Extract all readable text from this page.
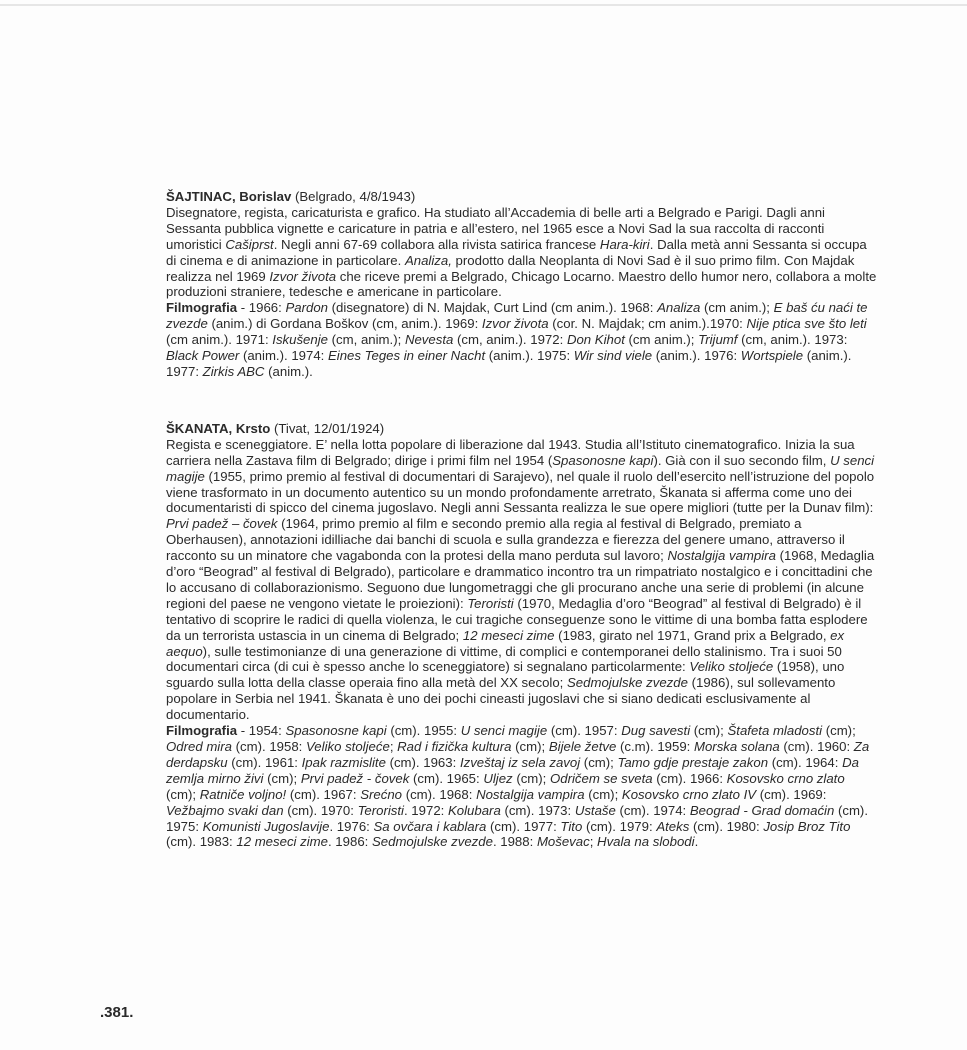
ŠAJTINAC, Borislav (Belgrado, 4/8/1943)

Disegnatore, regista, caricaturista e grafico. Ha studiato all’Accademia di belle arti a Belgrado e Parigi. Dagli anni Sessanta pubblica vignette e caricature in patria e all’estero, nel 1965 esce a Novi Sad la sua raccolta di racconti umoristici Cašiprst. Negli anni 67-69 collabora alla rivista satirica francese Hara-kiri. Dalla metà anni Sessanta si occupa di cinema e di animazione in particolare. Analiza, prodotto dalla Neoplanta di Novi Sad è il suo primo film. Con Majdak realizza nel 1969 Izvor života che riceve premi a Belgrado, Chicago Locarno. Maestro dello humor nero, collabora a molte produzioni straniere, tedesche e americane in particolare.

Filmografia - 1966: Pardon (disegnatore) di N. Majdak, Curt Lind (cm anim.). 1968: Analiza (cm anim.); E baš ću naći te zvezde (anim.) di Gordana Boškov (cm, anim.). 1969: Izvor života (cor. N. Majdak; cm anim.).1970: Nije ptica sve što leti (cm anim.). 1971: Iskušenje (cm, anim.); Nevesta (cm, anim.). 1972: Don Kihot (cm anim.); Trijumf (cm, anim.). 1973: Black Power (anim.). 1974: Eines Teges in einer Nacht (anim.). 1975: Wir sind viele (anim.). 1976: Wortspiele (anim.). 1977: Zirkis ABC (anim.).

ŠKANATA, Krsto (Tivat, 12/01/1924)

Regista e sceneggiatore. E’ nella lotta popolare di liberazione dal 1943. Studia all’Istituto cinematografico. Inizia la sua carriera nella Zastava film di Belgrado; dirige i primi film nel 1954 (Spasonosne kapi). Già con il suo secondo film, U senci magije (1955, primo premio al festival di documentari di Sarajevo), nel quale il ruolo dell’esercito nell’istruzione del popolo viene trasformato in un documento autentico su un mondo profondamente arretrato, Škanata si afferma come uno dei documentaristi di spicco del cinema jugoslavo. Negli anni Sessanta realizza le sue opere migliori (tutte per la Dunav film): Prvi padež – čovek (1964, primo premio al film e secondo premio alla regia al festival di Belgrado, premiato a Oberhausen), annotazioni idilliache dai banchi di scuola e sulla grandezza e fierezza del genere umano, attraverso il racconto su un minatore che vagabonda con la protesi della mano perduta sul lavoro; Nostalgija vampira (1968, Medaglia d’oro “Beograd” al festival di Belgrado), particolare e drammatico incontro tra un rimpatriato nostalgico e i concittadini che lo accusano di collaborazionismo. Seguono due lungometraggi che gli procurano anche una serie di problemi (in alcune regioni del paese ne vengono vietate le proiezioni): Teroristi (1970, Medaglia d’oro “Beograd” al festival di Belgrado) è il tentativo di scoprire le radici di quella violenza, le cui tragiche conseguenze sono le vittime di una bomba fatta esplodere da un terrorista ustascia in un cinema di Belgrado; 12 meseci zime (1983, girato nel 1971, Grand prix a Belgrado, ex aequo), sulle testimonianze di una generazione di vittime, di complici e contemporanei dello stalinismo. Tra i suoi 50 documentari circa (di cui è spesso anche lo sceneggiatore) si segnalano particolarmente: Veliko stoljeće (1958), uno sguardo sulla lotta della classe operaia fino alla metà del XX secolo; Sedmojulske zvezde (1986), sul sollevamento popolare in Serbia nel 1941. Škanata è uno dei pochi cineasti jugoslavi che si siano dedicati esclusivamente al documentario.

Filmografia - 1954: Spasonosne kapi (cm). 1955: U senci magije (cm). 1957: Dug savesti (cm); Štafeta mladosti (cm); Odred mira (cm). 1958: Veliko stoljeće; Rad i fizička kultura (cm); Bijele žetve (c.m). 1959: Morska solana (cm). 1960: Za derdapsku (cm). 1961: Ipak razmislite (cm). 1963: Izveštaj iz sela zavoj (cm); Tamo gdje prestaje zakon (cm). 1964: Da zemlja mirno živi (cm); Prvi padež - čovek (cm). 1965: Uljez (cm); Odričem se sveta (cm). 1966: Kosovsko crno zlato (cm); Ratniče voljno! (cm). 1967: Srećno (cm). 1968: Nostalgija vampira (cm); Kosovsko crno zlato IV (cm). 1969: Vežbajmo svaki dan (cm). 1970: Teroristi. 1972: Kolubara (cm). 1973: Ustaše (cm). 1974: Beograd - Grad domaćin (cm). 1975: Komunisti Jugoslavije. 1976: Sa ovčara i kablara (cm). 1977: Tito (cm). 1979: Ateks (cm). 1980: Josip Broz Tito (cm). 1983: 12 meseci zime. 1986: Sedmojulske zvezde. 1988: Moševac; Hvala na slobodi.

.381.
